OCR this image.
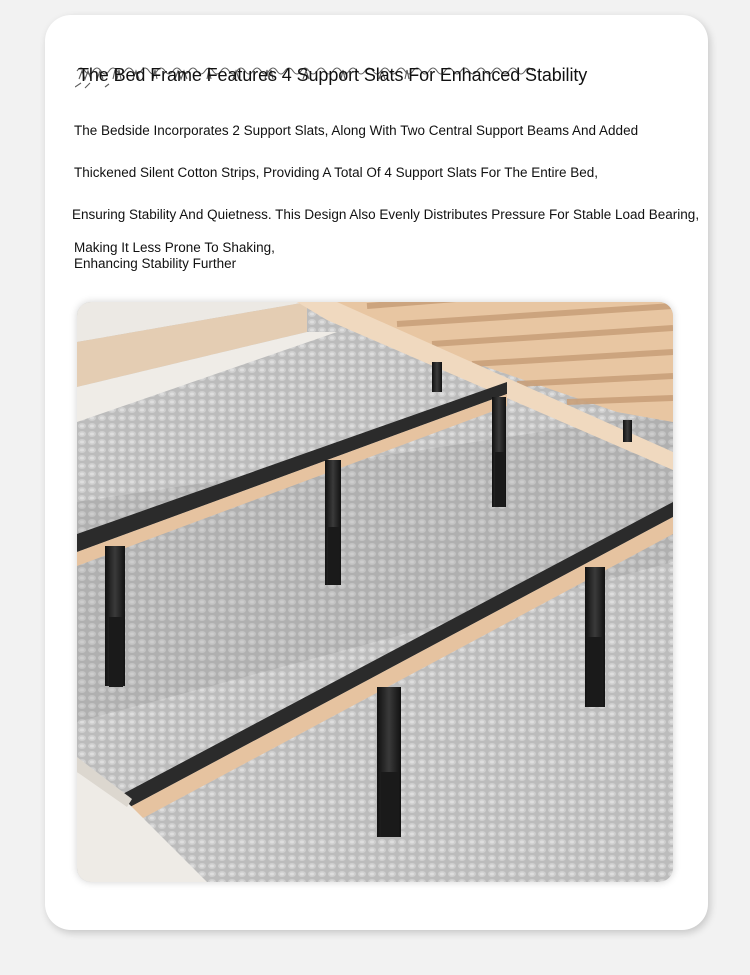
The Bed Frame Features 4 Support Slats For Enhanced Stability

The Bedside Incorporates 2 Support Slats, Along With Two Central Support Beams And Added

Thickened Silent Cotton Strips, Providing A Total Of 4 Support Slats For The Entire Bed,

Ensuring Stability And Quietness. This Design Also Evenly Distributes Pressure For Stable Load Bearing,

Making It Less Prone To Shaking,

Enhancing Stability Further
